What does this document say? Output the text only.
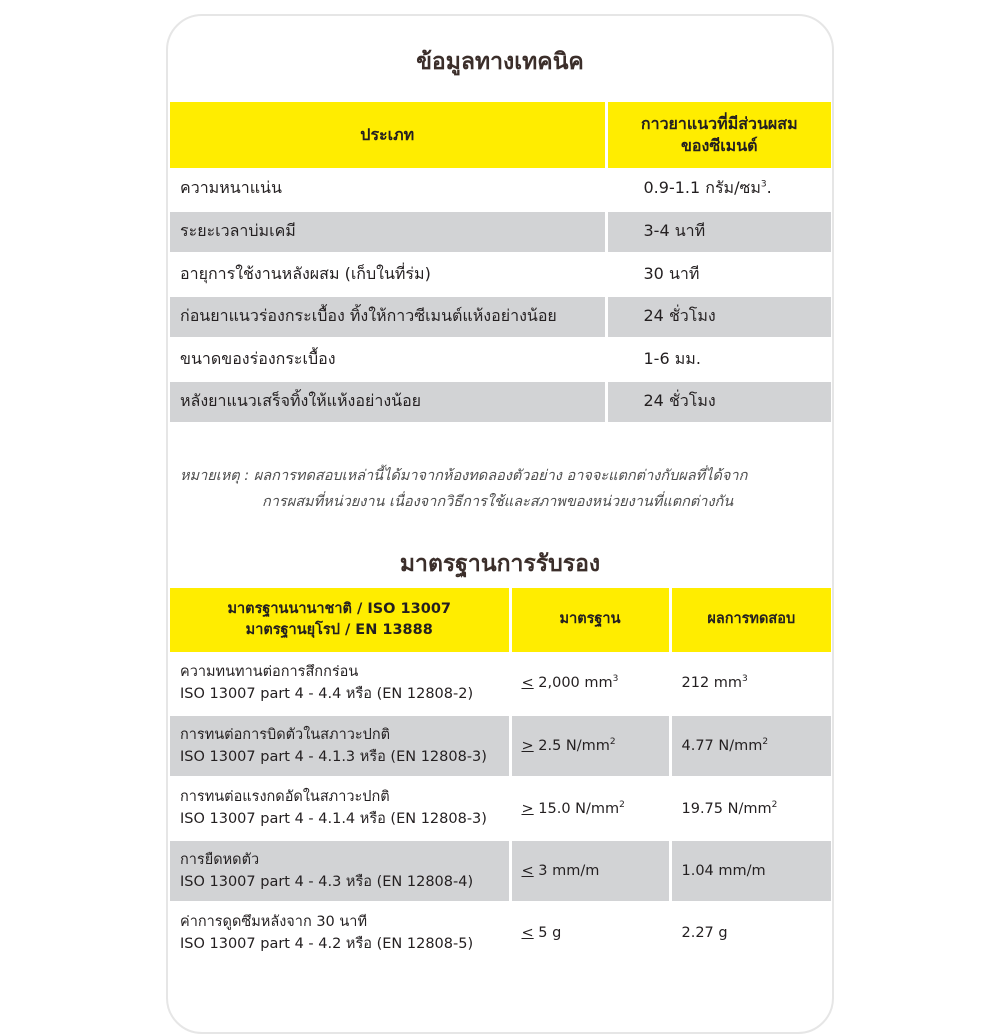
ข้อมูลทางเทคนิค
ประเภท	กาวยาแนวที่มีส่วนผสม
ของซีเมนต์
ความหนาแน่น	0.9-1.1 กรัม/ซม$^3$.
ระยะเวลาบ่มเคมี	3-4 นาที
อายุการใช้งานหลังผสม (เก็บในที่ร่ม)	30 นาที
ก่อนยาแนวร่องกระเบื้อง ทิ้งให้กาวซีเมนต์แห้งอย่างน้อย	24 ชั่วโมง
ขนาดของร่องกระเบื้อง	1-6 มม.
หลังยาแนวเสร็จทิ้งให้แห้งอย่างน้อย	24 ชั่วโมง
หมายเหตุ : ผลการทดสอบเหล่านี้ได้มาจากห้องทดลองตัวอย่าง อาจจะแตกต่างกับผลที่ได้จาก
การผสมที่หน่วยงาน เนื่องจากวิธีการใช้และสภาพของหน่วยงานที่แตกต่างกัน
มาตรฐานการรับรอง
มาตรฐานนานาชาติ / ISO 13007
มาตรฐานยุโรป / EN 13888	มาตรฐาน	ผลการทดสอบ
ความทนทานต่อการสึกกร่อน
ISO 13007 part 4 - 4.4 หรือ (EN 12808-2)	< 2,000 $mm^3$	212 $mm^3$
การทนต่อการบิดตัวในสภาวะปกติ
ISO 13007 part 4 - 4.1.3 หรือ (EN 12808-3)	> 2.5 $N/mm^2$	4.77 $N/mm^2$
การทนต่อแรงกดอัดในสภาวะปกติ
ISO 13007 part 4 - 4.1.4 หรือ (EN 12808-3)	> 15.0 $N/mm^2$	19.75 $N/mm^2$
การยืดหดตัว
ISO 13007 part 4 - 4.3 หรือ (EN 12808-4)	< 3 mm/m	1.04 mm/m
ค่าการดูดซึมหลังจาก 30 นาที
ISO 13007 part 4 - 4.2 หรือ (EN 12808-5)	< 5 g	2.27 g
